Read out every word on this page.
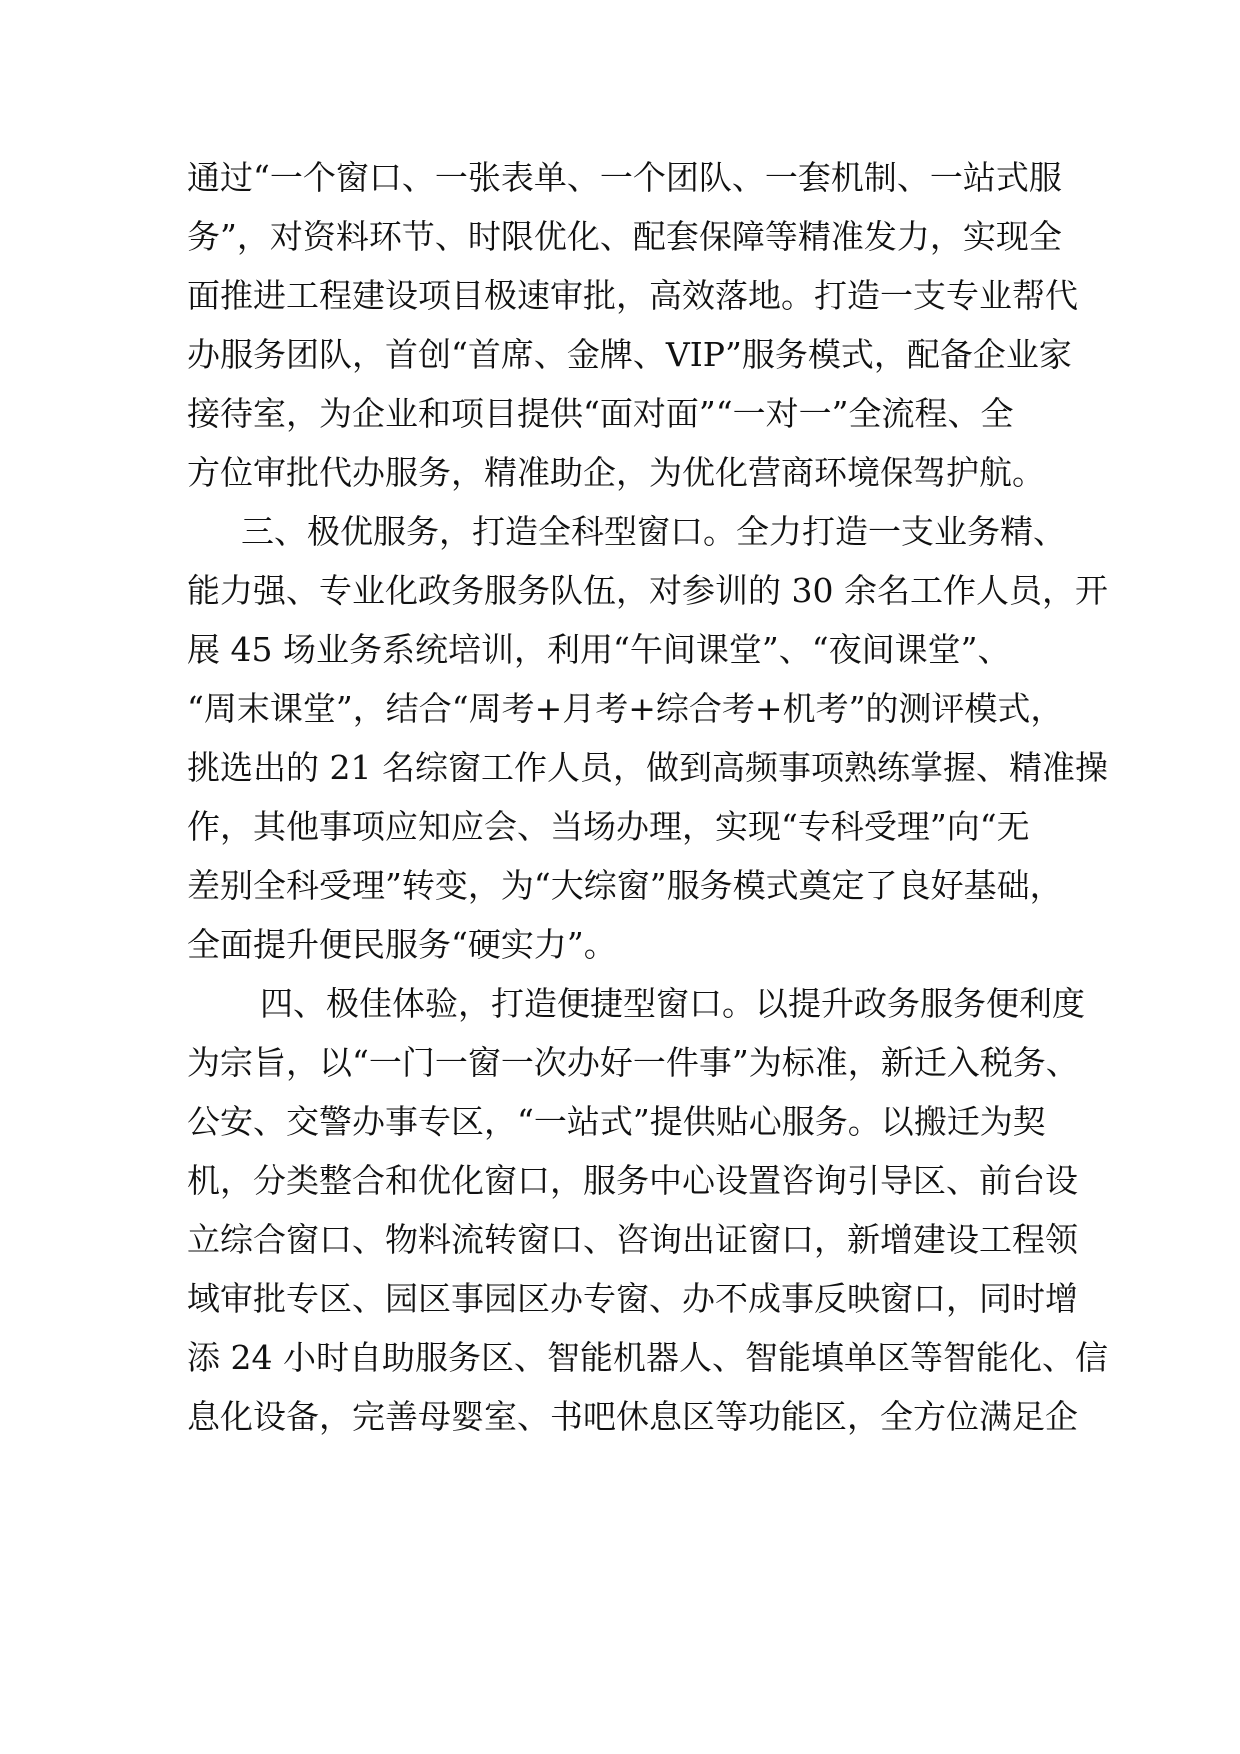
通过“一个窗口、一张表单、一个团队、一套机制、一站式服
务”，对资料环节、时限优化、配套保障等精准发力，实现全
面推进工程建设项目极速审批，高效落地。打造一支专业帮代
办服务团队，首创“首席、金牌、VIP”服务模式，配备企业家
接待室，为企业和项目提供“面对面”“一对一”全流程、全
方位审批代办服务，精准助企，为优化营商环境保驾护航。
三、极优服务，打造全科型窗口。全力打造一支业务精、
能力强、专业化政务服务队伍，对参训的 30 余名工作人员，开
展 45 场业务系统培训，利用“午间课堂”、“夜间课堂”、
“周末课堂”，结合“周考+月考+综合考+机考”的测评模式，
挑选出的 21 名综窗工作人员，做到高频事项熟练掌握、精准操
作，其他事项应知应会、当场办理，实现“专科受理”向“无
差别全科受理”转变，为“大综窗”服务模式奠定了良好基础，
全面提升便民服务“硬实力”。
四、极佳体验，打造便捷型窗口。以提升政务服务便利度
为宗旨，以“一门一窗一次办好一件事”为标准，新迁入税务、
公安、交警办事专区，“一站式”提供贴心服务。以搬迁为契
机，分类整合和优化窗口，服务中心设置咨询引导区、前台设
立综合窗口、物料流转窗口、咨询出证窗口，新增建设工程领
域审批专区、园区事园区办专窗、办不成事反映窗口，同时增
添 24 小时自助服务区、智能机器人、智能填单区等智能化、信
息化设备，完善母婴室、书吧休息区等功能区，全方位满足企
